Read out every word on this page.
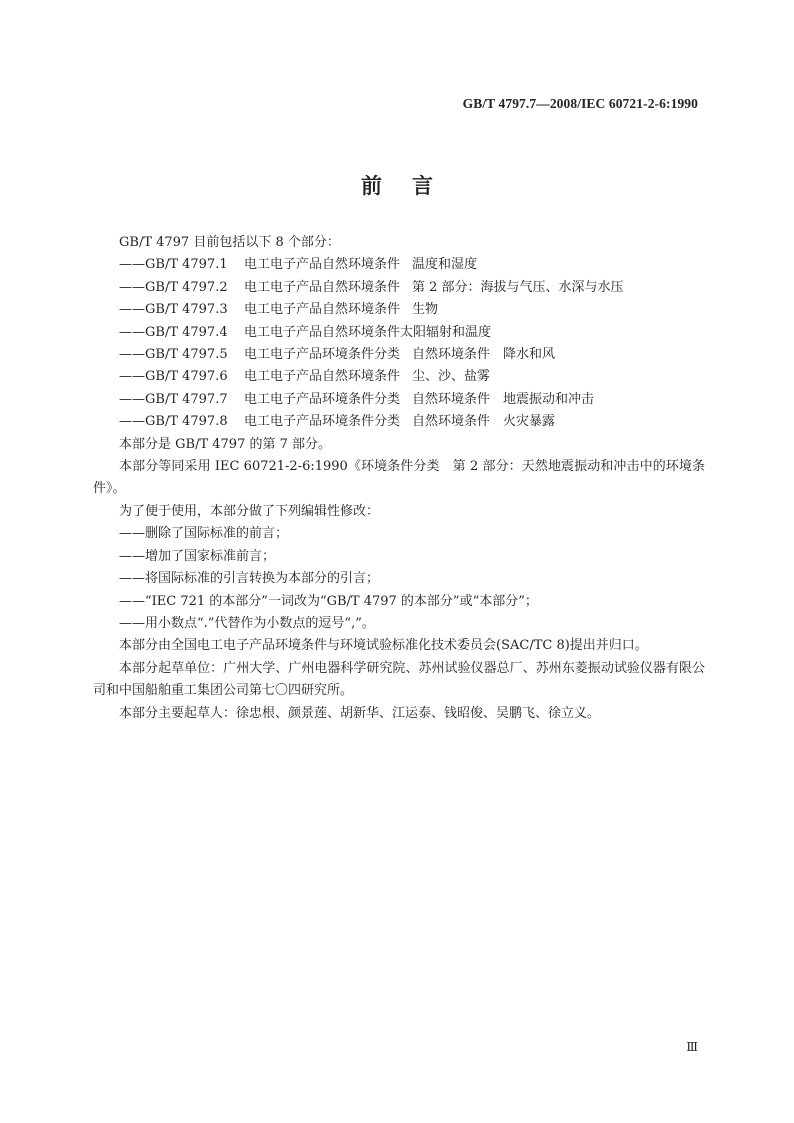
GB/T 4797.7—2008/IEC 60721-2-6:1990
前言

GB/T 4797 目前包括以下 8 个部分：

——GB/T 4797.1 电工电子产品自然环境条件 温度和湿度

——GB/T 4797.2 电工电子产品自然环境条件 第 2 部分：海拔与气压、水深与水压

——GB/T 4797.3 电工电子产品自然环境条件 生物

——GB/T 4797.4 电工电子产品自然环境条件太阳辐射和温度

——GB/T 4797.5 电工电子产品环境条件分类 自然环境条件　降水和风

——GB/T 4797.6 电工电子产品自然环境条件 尘、沙、盐雾

——GB/T 4797.7 电工电子产品环境条件分类 自然环境条件　地震振动和冲击

——GB/T 4797.8 电工电子产品环境条件分类 自然环境条件　火灾暴露

本部分是 GB/T 4797 的第 7 部分。

本部分等同采用 IEC 60721-2-6:1990《环境条件分类　第 2 部分：天然地震振动和冲击中的环境条件》。

为了便于使用，本部分做了下列编辑性修改：

——删除了国际标准的前言；

——增加了国家标准前言；

——将国际标准的引言转换为本部分的引言；

——“IEC 721 的本部分”一词改为“GB/T 4797 的本部分”或“本部分”；

——用小数点“.”代替作为小数点的逗号“,”。

本部分由全国电工电子产品环境条件与环境试验标准化技术委员会(SAC/TC 8)提出并归口。

本部分起草单位：广州大学、广州电器科学研究院、苏州试验仪器总厂、苏州东菱振动试验仪器有限公司和中国船舶重工集团公司第七〇四研究所。

本部分主要起草人：徐忠根、颜景莲、胡新华、江运泰、钱昭俊、吴鹏飞、徐立义。

Ⅲ
